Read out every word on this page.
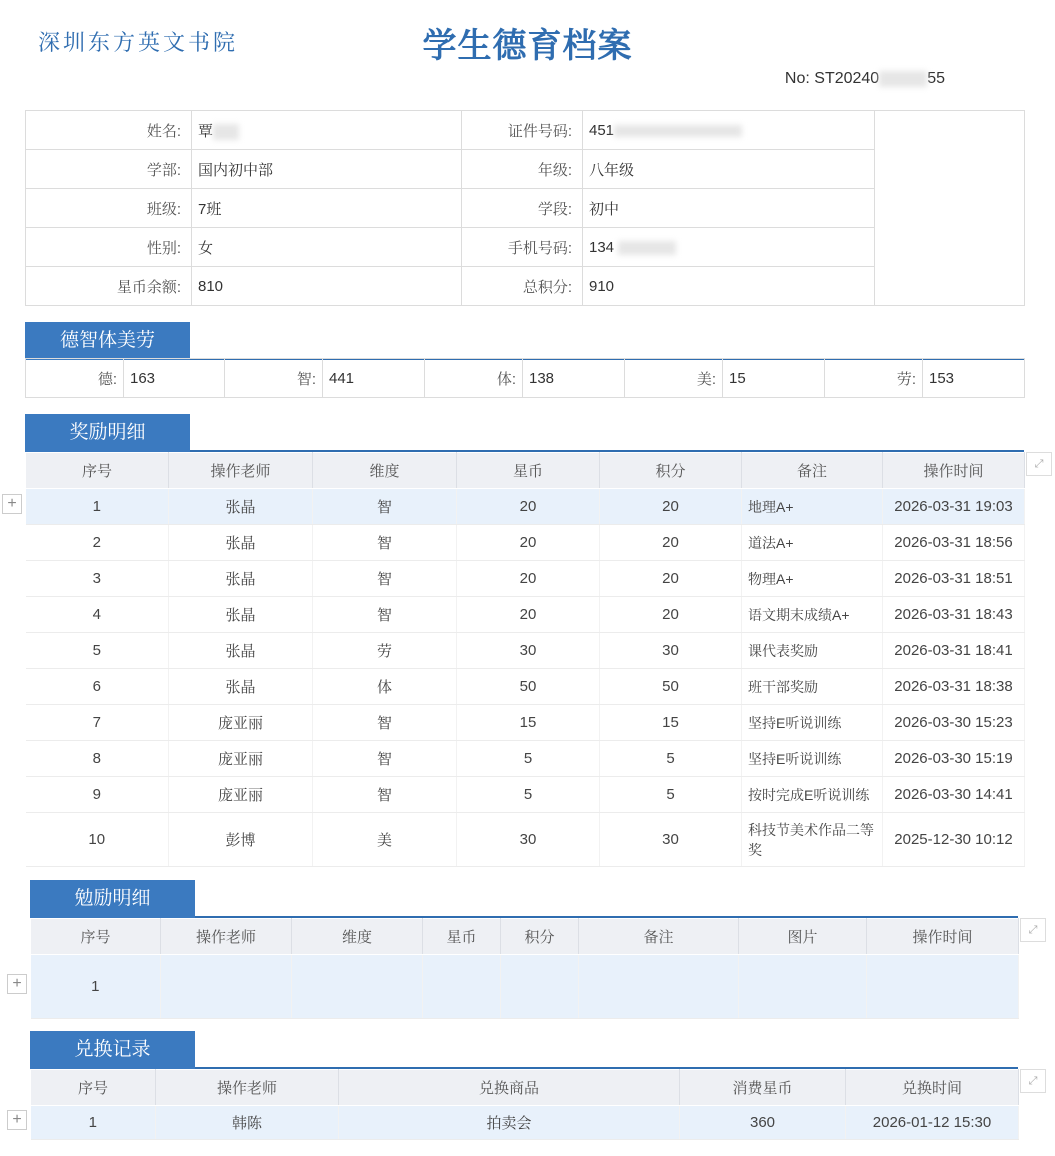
深圳东方英文书院	学生德育档案
No: ST20240	55
姓名:	覃	证件号码:	451	
学部:	国内初中部	年级:	八年级	
班级:	7班	学段:	初中	
性别:	女	手机号码:	134	
星币余额:	810	总积分:	910	
德智体美劳
德:	163	智:	441	体:	138	美:	15	劳:	153
奖励明细
⤢
+
序号	操作老师	维度	星币	积分	备注	操作时间
1	张晶	智	20	20	地理A+	2026-03-31 19:03
2	张晶	智	20	20	道法A+	2026-03-31 18:56
3	张晶	智	20	20	物理A+	2026-03-31 18:51
4	张晶	智	20	20	语文期末成绩A+	2026-03-31 18:43
5	张晶	劳	30	30	课代表奖励	2026-03-31 18:41
6	张晶	体	50	50	班干部奖励	2026-03-31 18:38
7	庞亚丽	智	15	15	坚持E听说训练	2026-03-30 15:23
8	庞亚丽	智	5	5	坚持E听说训练	2026-03-30 15:19
9	庞亚丽	智	5	5	按时完成E听说训练	2026-03-30 14:41
10	彭博	美	30	30	科技节美术作品二等奖	2025-12-30 10:12
勉励明细
⤢
+
序号	操作老师	维度	星币	积分	备注	图片	操作时间
1							
兑换记录
⤢
+
序号	操作老师	兑换商品	消费星币	兑换时间
1	韩陈	拍卖会	360	2026-01-12 15:30
